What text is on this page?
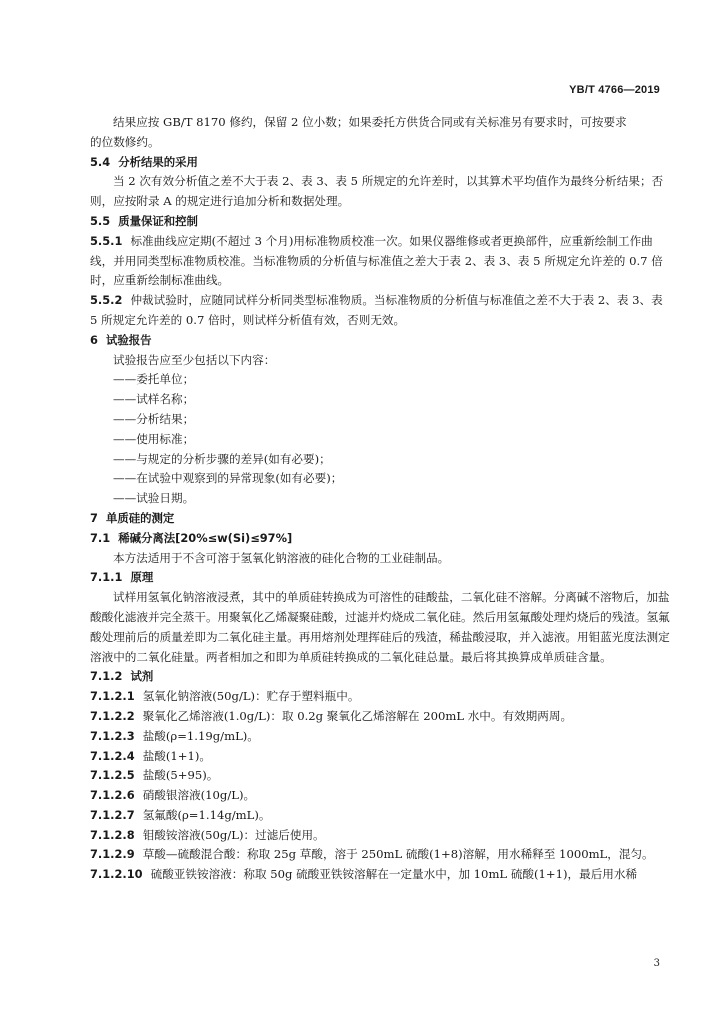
YB/T 4766—2019

结果应按 GB/T 8170 修约，保留 2 位小数；如果委托方供货合同或有关标准另有要求时，可按要求

的位数修约。

5.4 分析结果的采用

当 2 次有效分析值之差不大于表 2、表 3、表 5 所规定的允许差时，以其算术平均值作为最终分析结果；否则，应按附录 A 的规定进行追加分析和数据处理。

5.5 质量保证和控制

5.5.1 标准曲线应定期(不超过 3 个月)用标准物质校准一次。如果仪器维修或者更换部件，应重新绘制工作曲线，并用同类型标准物质校准。当标准物质的分析值与标准值之差大于表 2、表 3、表 5 所规定允许差的 0.7 倍时，应重新绘制标准曲线。

5.5.2 仲裁试验时，应随同试样分析同类型标准物质。当标准物质的分析值与标准值之差不大于表 2、表 3、表 5 所规定允许差的 0.7 倍时，则试样分析值有效，否则无效。

6 试验报告

试验报告应至少包括以下内容：

——委托单位；

——试样名称；

——分析结果；

——使用标准；

——与规定的分析步骤的差异(如有必要)；

——在试验中观察到的异常现象(如有必要)；

——试验日期。

7 单质硅的测定

7.1 稀碱分离法[20%≤w(Si)≤97%]

本方法适用于不含可溶于氢氧化钠溶液的硅化合物的工业硅制品。

7.1.1 原理

试样用氢氧化钠溶液浸煮，其中的单质硅转换成为可溶性的硅酸盐，二氧化硅不溶解。分离碱不溶物后，加盐酸酸化滤液并完全蒸干。用聚氧化乙烯凝聚硅酸，过滤并灼烧成二氧化硅。然后用氢氟酸处理灼烧后的残渣。氢氟酸处理前后的质量差即为二氧化硅主量。再用熔剂处理挥硅后的残渣，稀盐酸浸取，并入滤液。用钼蓝光度法测定溶液中的二氧化硅量。两者相加之和即为单质硅转换成的二氧化硅总量。最后将其换算成单质硅含量。

7.1.2 试剂

7.1.2.1 氢氧化钠溶液(50g/L)：贮存于塑料瓶中。

7.1.2.2 聚氧化乙烯溶液(1.0g/L)：取 0.2g 聚氧化乙烯溶解在 200mL 水中。有效期两周。

7.1.2.3 盐酸(ρ=1.19g/mL)。

7.1.2.4 盐酸(1+1)。

7.1.2.5 盐酸(5+95)。

7.1.2.6 硝酸银溶液(10g/L)。

7.1.2.7 氢氟酸(ρ=1.14g/mL)。

7.1.2.8 钼酸铵溶液(50g/L)：过滤后使用。

7.1.2.9 草酸—硫酸混合酸：称取 25g 草酸，溶于 250mL 硫酸(1+8)溶解，用水稀释至 1000mL，混匀。

7.1.2.10 硫酸亚铁铵溶液：称取 50g 硫酸亚铁铵溶解在一定量水中，加 10mL 硫酸(1+1)，最后用水稀

3
